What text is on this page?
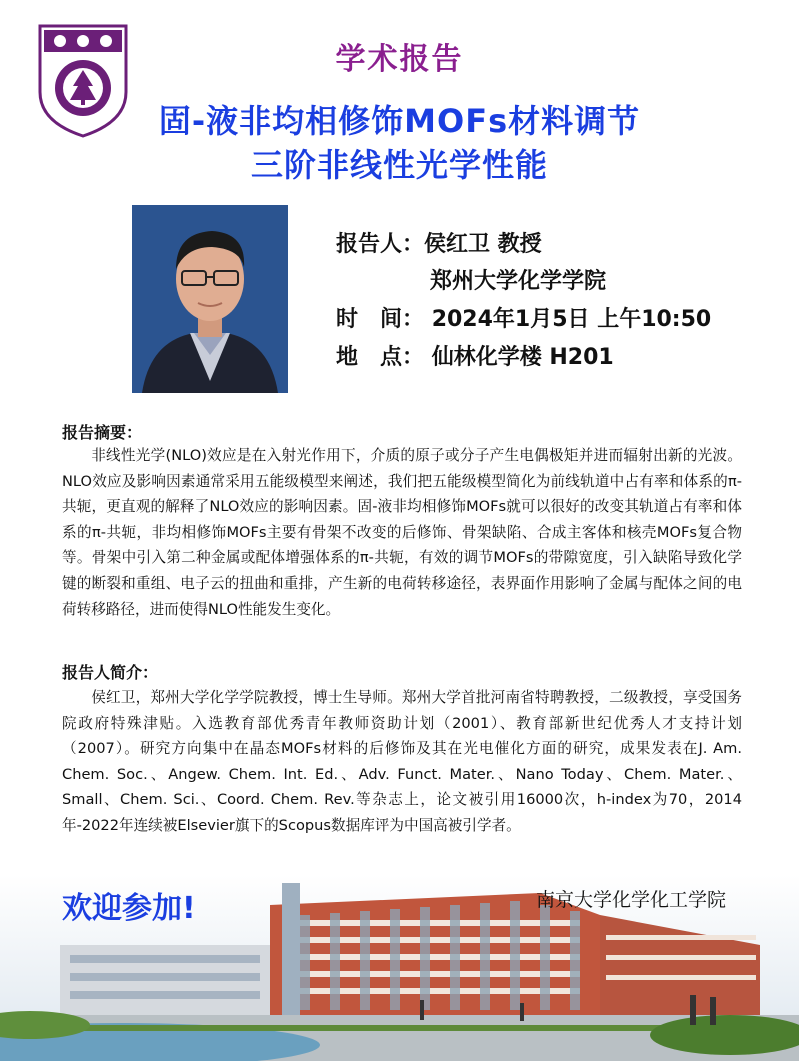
学术报告
固-液非均相修饰MOFs材料调节
三阶非线性光学性能
报告人：侯红卫 教授
郑州大学化学学院
时　间： 2024年1月5日 上午10:50
地　点： 仙林化学楼 H201
报告摘要：
非线性光学(NLO)效应是在入射光作用下，介质的原子或分子产生电偶极矩并进而辐射出新的光波。NLO效应及影响因素通常采用五能级模型来阐述，我们把五能级模型简化为前线轨道中占有率和体系的π-共轭，更直观的解释了NLO效应的影响因素。固-液非均相修饰MOFs就可以很好的改变其轨道占有率和体系的π-共轭，非均相修饰MOFs主要有骨架不改变的后修饰、骨架缺陷、合成主客体和核壳MOFs复合物等。骨架中引入第二种金属或配体增强体系的π-共轭，有效的调节MOFs的带隙宽度，引入缺陷导致化学键的断裂和重组、电子云的扭曲和重排，产生新的电荷转移途径，表界面作用影响了金属与配体之间的电荷转移路径，进而使得NLO性能发生变化。
报告人简介：
侯红卫，郑州大学化学学院教授，博士生导师。郑州大学首批河南省特聘教授，二级教授，享受国务院政府特殊津贴。入选教育部优秀青年教师资助计划（2001）、教育部新世纪优秀人才支持计划（2007）。研究方向集中在晶态MOFs材料的后修饰及其在光电催化方面的研究，成果发表在J. Am. Chem. Soc.、Angew. Chem. Int. Ed.、Adv. Funct. Mater.、Nano Today、Chem. Mater.、Small、Chem. Sci.、Coord. Chem. Rev.等杂志上，论文被引用16000次，h-index为70，2014年-2022年连续被Elsevier旗下的Scopus数据库评为中国高被引学者。
欢迎参加!	南京大学化学化工学院
